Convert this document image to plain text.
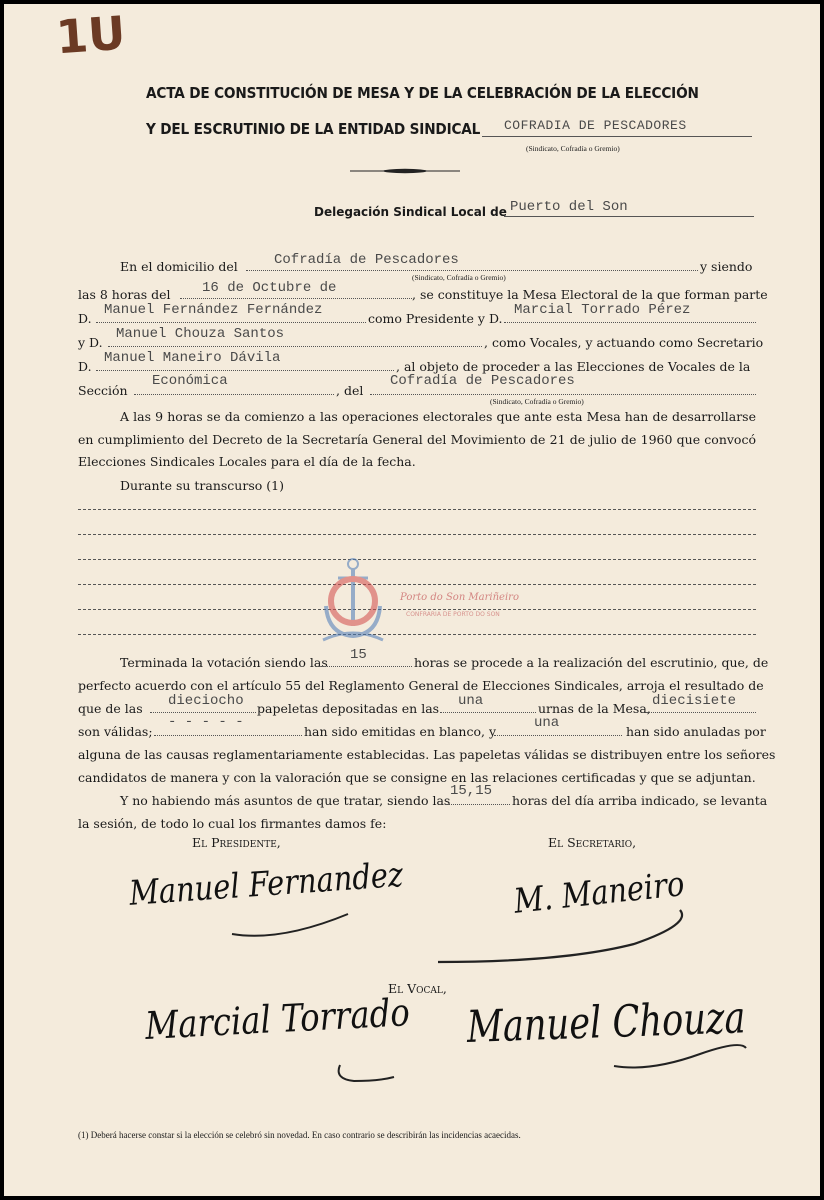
1U
ACTA DE CONSTITUCIÓN DE MESA Y DE LA CELEBRACIÓN DE LA ELECCIÓN
Y DEL ESCRUTINIO DE LA ENTIDAD SINDICAL COFRADIA DE PESCADORES
(Sindicato, Cofradía o Gremio)
Delegación Sindical Local de Puerto del Son
En el domicilio del	Cofradía de Pescadores	y siendo
(Sindicato, Cofradía o Gremio)
las 8 horas del 16 de Octubre de	, se constituye la Mesa Electoral de la que forman parte
D.
Manuel Fernández Fernández
como Presidente y D.
Marcial Torrado Pérez
y D.
Manuel Chouza Santos
, como Vocales, y actuando como Secretario
D.
Manuel Maneiro Dávila
, al objeto de proceder a las Elecciones de Vocales de la
Sección
Económica
, del
Cofradía de Pescadores
(Sindicato, Cofradía o Gremio)
A las 9 horas se da comienzo a las operaciones electorales que ante esta Mesa han de desarrollarse en cumplimiento del Decreto de la Secretaría General del Movimiento de 21 de julio de 1960 que convocó Elecciones Sindicales Locales para el día de la fecha.
Durante su transcurso (1)
Porto do Son Mariñeiro
CONFRARÍA DE PORTO DO SON
Terminada la votación siendo las 15	horas se procede a la realización del escrutinio, que, de
perfecto acuerdo con el artículo 55 del Reglamento General de Elecciones Sindicales, arroja el resultado de
que de las dieciocho papeletas depositadas en las una	urnas de la Mesa, diecisiete
son válidas;
- - - - -
han sido emitidas en blanco, y
una
han sido anuladas por
alguna de las causas reglamentariamente establecidas. Las papeletas válidas se distribuyen entre los señores
candidatos de manera y con la valoración que se consigne en las relaciones certificadas y que se adjuntan.
Y no habiendo más asuntos de que tratar, siendo las
15,15
horas del día arriba indicado, se levanta
la sesión, de todo lo cual los firmantes damos fe:
El Presidente,	El Secretario,
Manuel Fernandez	M. Maneiro
El Vocal,
Marcial Torrado Manuel Chouza
(1) Deberá hacerse constar si la elección se celebró sin novedad. En caso contrario se describirán las incidencias acaecidas.
